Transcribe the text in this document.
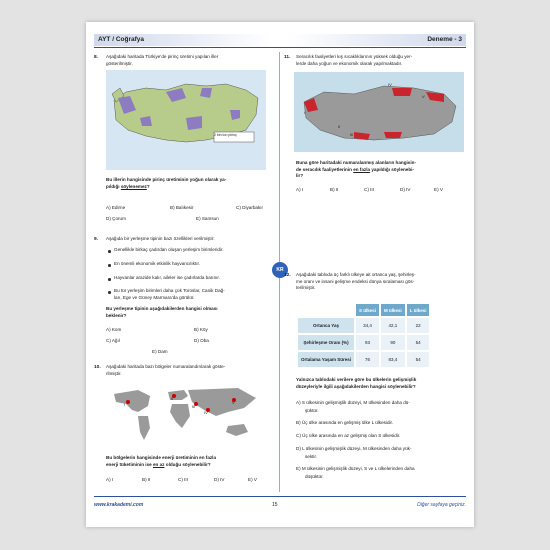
AYT / Coğrafya	Deneme - 3
KR
8. Aşağıdaki haritada Türkiye’de pirinç üretimi yapılan iller
gösterilmiştir.
2 bin ton pirinç
Bu illerin hangisinde pirinç üretiminin yoğun olarak ya-
pıldığı söylenemez?
A) Edirne	B) Balıkesir	C) Diyarbakır
D) Çorum	E) Samsun
9. Aşağıda bir yerleşme tipinin bazı özellikleri verilmiştir:
Genellikle birkaç çadırdan oluşan yerleşim birimleridir.
En önemli ekonomik etkinlik hayvancılıktır.
Hayvanlar arazide kalır, aileler ise çadırlarda barınır.
Bu tür yerleşim birimleri daha çok Toroslar, Canik Dağ-
ları, Ege ve Güney Marmara’da görülür.
Bu yerleşme tipinin aşağıdakilerden hangisi olması
beklenir?
A) Kom	B) Köy
C) Ağıl	D) Oba
E) Dam
10. Aşağıdaki haritada bazı bölgeler numaralandırılarak göste-
rilmiştir.
I
II
III
IV
V
Bu bölgelerin hangisinde enerji üretiminin en fazla
enerji tüketiminin ise en az olduğu söylenebilir?
A) I	B) II	C) III	D) IV	E) V
11. Seracılık faaliyetleri kış sıcaklıklarının yüksek olduğu yer-
lerde daha yoğun ve ekonomik olarak yapılmaktadır.
I
II
III
IV
V
Buna göre haritadaki numaralanmış alanların hangisin-
de seracılık faaliyetlerinin en fazla yapıldığı söylenebi-
lir?
A) I	B) II	C) III	D) IV	E) V
12. Aşağıdaki tabloda üç farklı ülkeye ait ortanca yaş, şehirleş-
me oranı ve insani gelişme endeksi dünya sıralaması gös-
terilmiştir.
	S ülkesi	M ülkesi	L ülkesi
Ortanca Yaş	34,4	42,1	22
Şehirleşme Oranı (%)	93	90	54
Ortalama Yaşam Süresi	76	83,4	54
Yalnızca tablodaki verilere göre bu ülkelerin gelişmişlik
düzeyleriyle ilgili aşağıdakilerden hangisi söylenebilir?
A) S ülkesinin gelişmişlik düzeyi, M ülkesinden daha dü-
şüktür.
B) Üç ülke arasında en gelişmiş ülke L ülkesidir.
C) Üç ülke arasında en az gelişmiş olan S ülkesidir.
D) L ülkesinin gelişmişlik düzeyi, M ülkesinden daha yük-
sektir.
E) M ülkesinin gelişmişlik düzeyi, S ve L ülkelerinden daha
düşüktür.
www.krakademi.com	15	Diğer sayfaya geçiniz.
